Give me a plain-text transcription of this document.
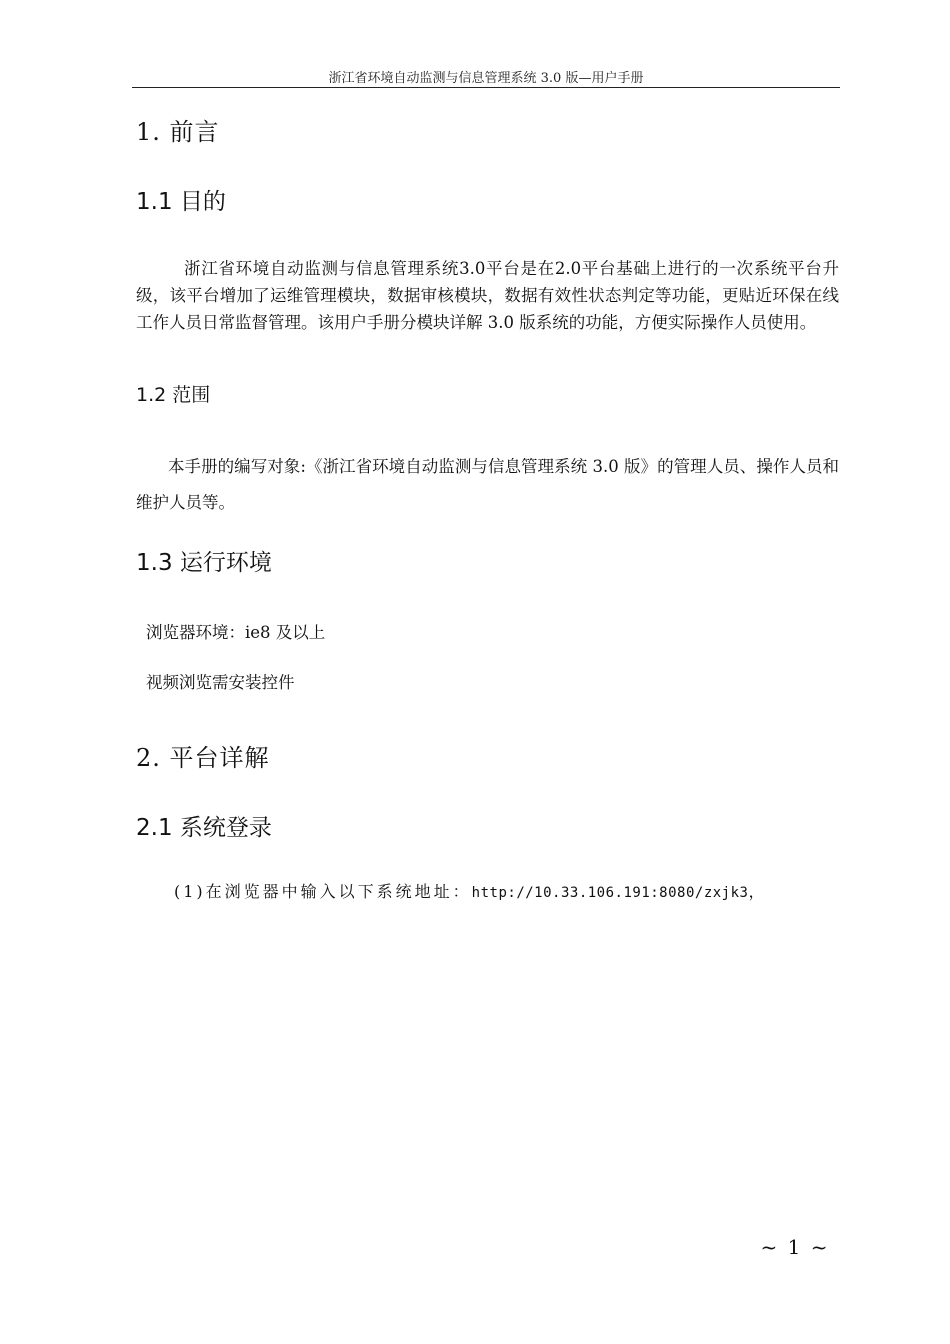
浙江省环境自动监测与信息管理系统 3.0 版—用户手册
1. 前言
1.1 目的

浙江省环境自动监测与信息管理系统3.0平台是在2.0平台基础上进行的一次系统平台升级，该平台增加了运维管理模块，数据审核模块，数据有效性状态判定等功能，更贴近环保在线工作人员日常监督管理。该用户手册分模块详解 3.0 版系统的功能，方便实际操作人员使用。

1.2 范围

本手册的编写对象:《浙江省环境自动监测与信息管理系统 3.0 版》的管理人员、操作人员和维护人员等。

1.3 运行环境

浏览器环境：ie8 及以上

视频浏览需安装控件

2. 平台详解
2.1 系统登录

(1)在浏览器中输入以下系统地址：http://10.33.106.191:8080/zxjk3，

~ 1 ~
